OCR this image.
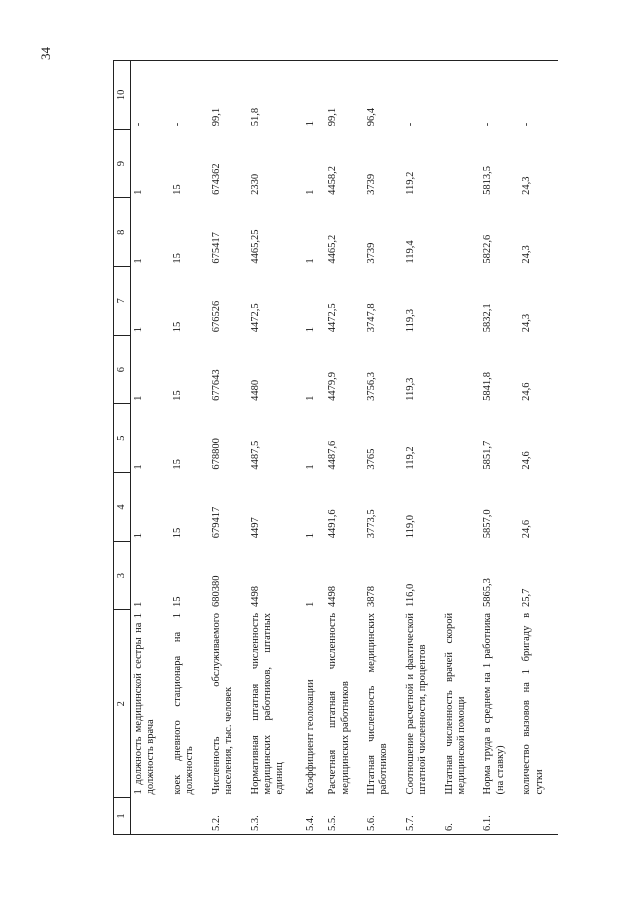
34
1	2	3	4	5	6	7	8	9	10
	1 должность медицинской сестры на 1 должность врача	1	1	1	1	1	1	1	-
	коек дневного стационара на 1 должность	15	15	15	15	15	15	15	-
5.2.	Численность обслуживаемого населения, тыс. человек	680380	679417	678800	677643	676526	675417	674362	99,1
5.3.	Нормативная штатная численность медицинских работников, штатных единиц	4498	4497	4487,5	4480	4472,5	4465,25	2330	51,8
5.4.	Коэффициент геолокации	1	1	1	1	1	1	1	1
5.5.	Расчетная штатная численность медицинских работников	4498	4491,6	4487,6	4479,9	4472,5	4465,2	4458,2	99,1
5.6.	Штатная численность медицинских работников	3878	3773,5	3765	3756,3	3747,8	3739	3739	96,4
5.7.	Соотношение расчетной и фактической штатной численности, процентов	116,0	119,0	119,2	119,3	119,3	119,4	119,2	-
6.	Штатная численность врачей скорой медицинской помощи								
6.1.	Норма труда в среднем на 1 работника (на ставку)	5865,3	5857,0	5851,7	5841,8	5832,1	5822,6	5813,5	-
	количество вызовов на 1 бригаду в сутки	25,7	24,6	24,6	24,6	24,3	24,3	24,3	-
